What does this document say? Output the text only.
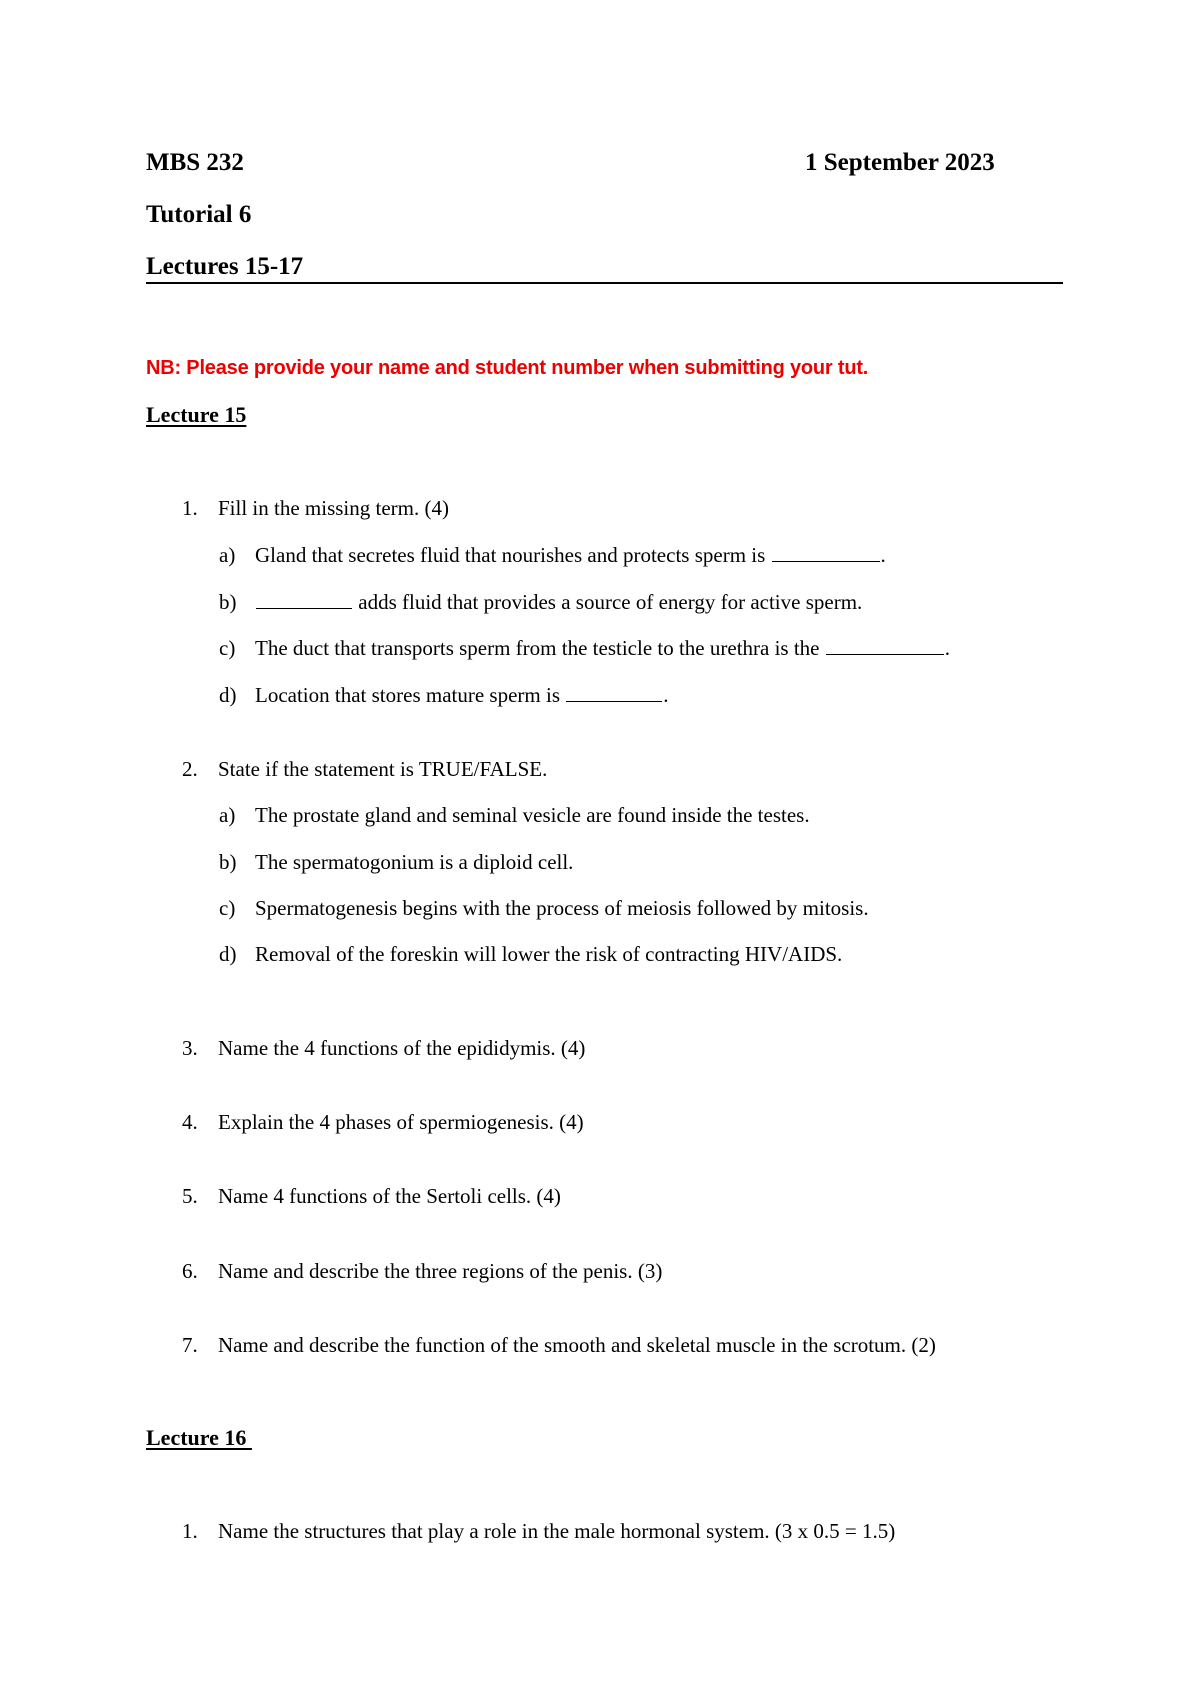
MBS 232	1 September 2023
Tutorial 6
Lectures 15-17
NB: Please provide your name and student number when submitting your tut.
Lecture 15
1. Fill in the missing term. (4)
a) Gland that secretes fluid that nourishes and protects sperm is	.
b)	adds fluid that provides a source of energy for active sperm.
c) The duct that transports sperm from the testicle to the urethra is the	.
d) Location that stores mature sperm is	.
2. State if the statement is TRUE/FALSE.
a) The prostate gland and seminal vesicle are found inside the testes.
b) The spermatogonium is a diploid cell.
c) Spermatogenesis begins with the process of meiosis followed by mitosis.
d) Removal of the foreskin will lower the risk of contracting HIV/AIDS.
3. Name the 4 functions of the epididymis. (4)
4. Explain the 4 phases of spermiogenesis. (4)
5. Name 4 functions of the Sertoli cells. (4)
6. Name and describe the three regions of the penis. (3)
7. Name and describe the function of the smooth and skeletal muscle in the scrotum. (2)
Lecture 16
1. Name the structures that play a role in the male hormonal system. (3 x 0.5 = 1.5)
